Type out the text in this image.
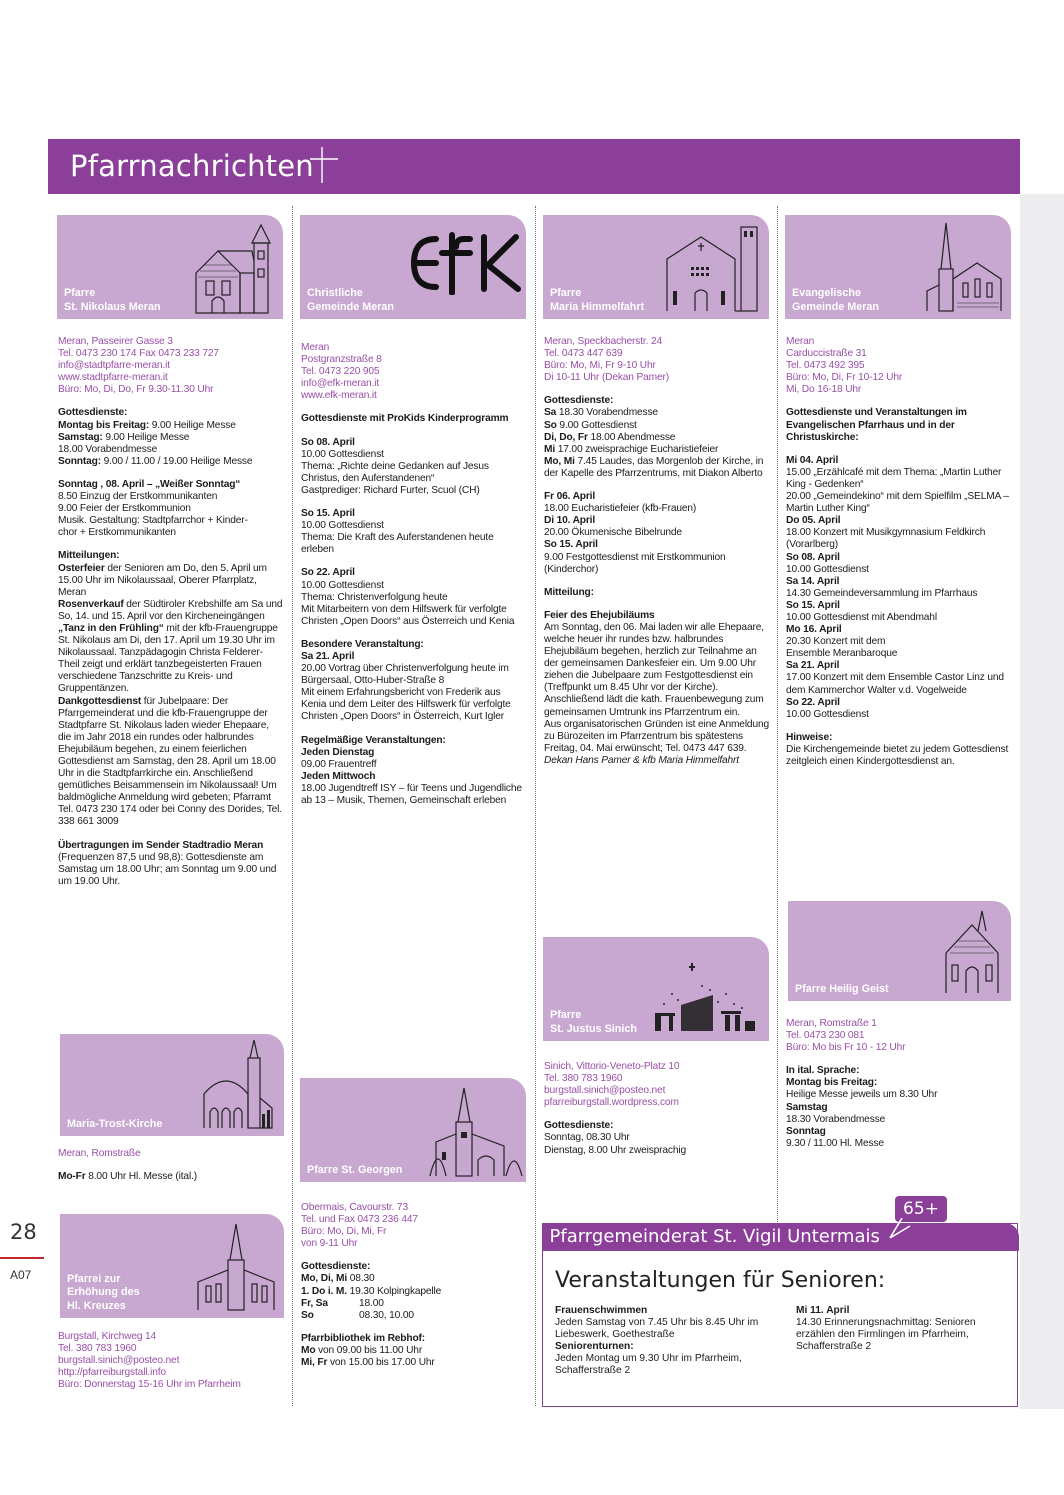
Pfarrnachrichten
Pfarre
St. Nikolaus Meran

Meran, Passeirer Gasse 3

Tel. 0473 230 174 Fax 0473 233 727

info@stadtpfarre-meran.it

www.stadtpfarre-meran.it

Büro: Mo, Di, Do, Fr 9.30-11.30 Uhr

Gottesdienste:

Montag bis Freitag: 9.00 Heilige Messe

Samstag: 9.00 Heilige Messe

18.00 Vorabendmesse

Sonntag: 9.00 / 11.00 / 19.00 Heilige Messe

Sonntag , 08. April – „Weißer Sonntag“

8.50 Einzug der Erstkommunikanten

9.00 Feier der Erstkommunion

Musik. Gestaltung: Stadtpfarrchor + Kinder-

chor + Erstkommunikanten

Mitteilungen:

Osterfeier der Senioren am Do, den 5. April um 15.00 Uhr im Nikolaussaal, Oberer Pfarrplatz, Meran

Rosenverkauf der Südtiroler Krebshilfe am Sa und So, 14. und 15. April vor den Kircheneingängen

„Tanz in den Frühling“ mit der kfb-Frauengruppe St. Nikolaus am Di, den 17. April um 19.30 Uhr im Nikolaussaal. Tanzpädagogin Christa Felderer-Theil zeigt und erklärt tanzbegeisterten Frauen verschiedene Tanzschritte zu Kreis- und Gruppentänzen.

Dankgottesdienst für Jubelpaare: Der Pfarrgemeinderat und die kfb-Frauengruppe der Stadtpfarre St. Nikolaus laden wieder Ehepaare, die im Jahr 2018 ein rundes oder halbrundes Ehejubiläum begehen, zu einem feierlichen Gottesdienst am Samstag, den 28. April um 18.00 Uhr in die Stadtpfarrkirche ein. Anschließend gemütliches Beisammensein im Nikolaussaal! Um baldmögliche Anmeldung wird gebeten; Pfarramt Tel. 0473 230 174 oder bei Conny des Dorides, Tel. 338 661 3009

Übertragungen im Sender Stadtradio Meran (Frequenzen 87,5 und 98,8): Gottesdienste am Samstag um 18.00 Uhr; am Sonntag um 9.00 und um 19.00 Uhr.

Maria-Trost-Kirche

Meran, Romstraße

Mo-Fr 8.00 Uhr Hl. Messe (ital.)

Pfarrei zur
Erhöhung des
Hl. Kreuzes

Burgstall, Kirchweg 14

Tel. 380 783 1960

burgstall.sinich@posteo.net

http://pfarreiburgstall.info

Büro: Donnerstag 15-16 Uhr im Pfarrheim

Christliche
Gemeinde Meran

Meran

Postgranzstraße 8

Tel. 0473 220 905

info@efk-meran.it

www.efk-meran.it

Gottesdienste mit ProKids Kinderprogramm

So 08. April

10.00 Gottesdienst

Thema: „Richte deine Gedanken auf Jesus Christus, den Auferstandenen“

Gastprediger: Richard Furter, Scuol (CH)

So 15. April

10.00 Gottesdienst

Thema: Die Kraft des Auferstandenen heute erleben

So 22. April

10.00 Gottesdienst

Thema: Christenverfolgung heute

Mit Mitarbeitern von dem Hilfswerk für verfolgte Christen „Open Doors“ aus Österreich und Kenia

Besondere Veranstaltung:

Sa 21. April

20.00 Vortrag über Christenverfolgung heute im Bürgersaal, Otto-Huber-Straße 8

Mit einem Erfahrungsbericht von Frederik aus Kenia und dem Leiter des Hilfswerk für verfolgte Christen „Open Doors“ in Österreich, Kurt Igler

Regelmäßige Veranstaltungen:

Jeden Dienstag

09.00 Frauentreff

Jeden Mittwoch

18.00 Jugendtreff ISY – für Teens und Jugendliche ab 13 – Musik, Themen, Gemeinschaft erleben

Pfarre St. Georgen

Obermais, Cavourstr. 73

Tel. und Fax 0473 236 447

Büro: Mo, Di, Mi, Fr

von 9-11 Uhr

Gottesdienste:

Mo, Di, Mi 08.30

1. Do i. M. 19.30 Kolpingkapelle

Fr, Sa	18.00

So	08.30, 10.00

Pfarrbibliothek im Rebhof:

Mo von 09.00 bis 11.00 Uhr

Mi, Fr von 15.00 bis 17.00 Uhr

Pfarre
Maria Himmelfahrt

Meran, Speckbacherstr. 24

Tel. 0473 447 639

Büro: Mo, Mi, Fr 9-10 Uhr

Di 10-11 Uhr (Dekan Pamer)

Gottesdienste:

Sa 18.30 Vorabendmesse

So 9.00 Gottesdienst

Di, Do, Fr 18.00 Abendmesse

Mi 17.00 zweisprachige Eucharistiefeier

Mo, Mi 7.45 Laudes, das Morgenlob der Kirche, in der Kapelle des Pfarrzentrums, mit Diakon Alberto

Fr 06. April

18.00 Eucharistiefeier (kfb-Frauen)

Di 10. April

20.00 Ökumenische Bibelrunde

So 15. April

9.00 Festgottesdienst mit Erstkommunion (Kinderchor)

Mitteilung:

Feier des Ehejubiläums

Am Sonntag, den 06. Mai laden wir alle Ehepaare, welche heuer ihr rundes bzw. halbrundes Ehejubiläum begehen, herzlich zur Teilnahme an der gemeinsamen Dankesfeier ein. Um 9.00 Uhr ziehen die Jubelpaare zum Festgottesdienst ein (Treffpunkt um 8.45 Uhr vor der Kirche). Anschließend lädt die kath. Frauenbewegung zum gemeinsamen Umtrunk ins Pfarrzentrum ein.

Aus organisatorischen Gründen ist eine Anmeldung zu Bürozeiten im Pfarrzentrum bis spätestens Freitag, 04. Mai erwünscht; Tel. 0473 447 639.

Dekan Hans Pamer & kfb Maria Himmelfahrt

Pfarre
St. Justus Sinich

Sinich, Vittorio-Veneto-Platz 10

Tel. 380 783 1960

burgstall.sinich@posteo.net

pfarreiburgstall.wordpress.com

Gottesdienste:

Sonntag, 08.30 Uhr

Dienstag, 8.00 Uhr zweisprachig

Evangelische
Gemeinde Meran

Meran

Carduccistraße 31

Tel. 0473 492 395

Büro: Mo, Di, Fr 10-12 Uhr

Mi, Do 16-18 Uhr

Gottesdienste und Veranstaltungen im Evangelischen Pfarrhaus und in der Christuskirche:

Mi 04. April

15.00 „Erzählcafé mit dem Thema: „Martin Luther King - Gedenken“

20.00 „Gemeindekino“ mit dem Spielfilm „SELMA – Martin Luther King“

Do 05. April

18.00 Konzert mit Musikgymnasium Feldkirch (Vorarlberg)

So 08. April

10.00 Gottesdienst

Sa 14. April

14.30 Gemeindeversammlung im Pfarrhaus

So 15. April

10.00 Gottesdienst mit Abendmahl

Mo 16. April

20.30 Konzert mit dem

Ensemble Meranbaroque

Sa 21. April

17.00 Konzert mit dem Ensemble Castor Linz und dem Kammerchor Walter v.d. Vogelweide

So 22. April

10.00 Gottesdienst

Hinweise:

Die Kirchengemeinde bietet zu jedem Gottesdienst zeitgleich einen Kindergottesdienst an.

Pfarre Heilig Geist

Meran, Romstraße 1

Tel. 0473 230 081

Büro: Mo bis Fr 10 - 12 Uhr

In ital. Sprache:

Montag bis Freitag:

Heilige Messe jeweils um 8.30 Uhr

Samstag

18.30 Vorabendmesse

Sonntag

9.30 / 11.00 Hl. Messe

Pfarrgemeinderat St. Vigil Untermais
Veranstaltungen für Senioren:

Frauenschwimmen

Jeden Samstag von 7.45 Uhr bis 8.45 Uhr im Liebeswerk, Goethestraße

Seniorenturnen:

Jeden Montag um 9.30 Uhr im Pfarrheim, Schafferstraße 2

Mi 11. April

14.30 Erinnerungsnachmittag: Senioren erzählen den Firmlingen im Pfarrheim, Schafferstraße 2

65+
28
A07
